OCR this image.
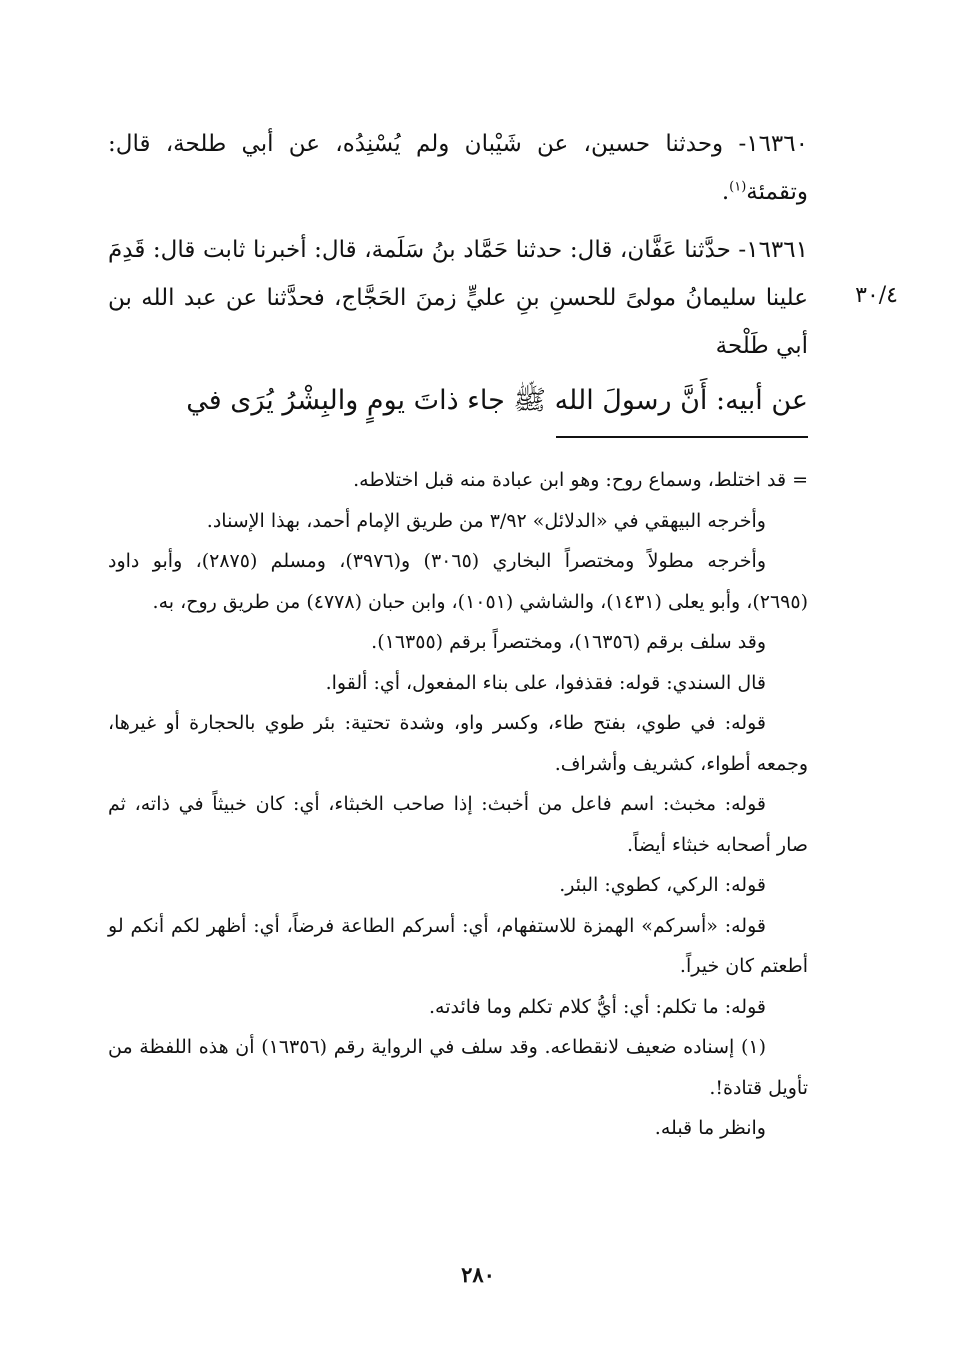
١٦٣٦٠- وحدثنا حسين، عن شَيْبان ولم يُسْنِدُه، عن أبي طلحة، قال: وتقمئة$^{(١)}$.

٣٠/٤

١٦٣٦١- حدَّثنا عَفَّان، قال: حدثنا حَمَّاد بنُ سَلَمة، قال: أخبرنا ثابت قال: قَدِمَ علينا سليمانُ مولىً للحسنِ بنِ عليٍّ زمنَ الحَجَّاج، فحدَّثنا عن عبد الله بن أبي طَلْحة

عن أبيه: أَنَّ رسولَ الله ﷺ جاء ذاتَ يومٍ والبِشْرُ يُرَى في

= قد اختلط، وسماع روح: وهو ابن عبادة منه قبل اختلاطه.

وأخرجه البيهقي في «الدلائل» ٣/٩٢ من طريق الإمام أحمد، بهذا الإسناد.

وأخرجه مطولاً ومختصراً البخاري (٣٠٦٥) و(٣٩٧٦)، ومسلم (٢٨٧٥)، وأبو داود (٢٦٩٥)، وأبو يعلى (١٤٣١)، والشاشي (١٠٥١)، وابن حبان (٤٧٧٨) من طريق روح، به.

وقد سلف برقم (١٦٣٥٦)، ومختصراً برقم (١٦٣٥٥).

قال السندي: قوله: فقذفوا، على بناء المفعول، أي: ألقوا.

قوله: في طوي، بفتح طاء، وكسر واو، وشدة تحتية: بئر طوي بالحجارة أو غيرها، وجمعه أطواء، كشريف وأشراف.

قوله: مخبث: اسم فاعل من أخبث: إذا صاحب الخبثاء، أي: كان خبيثاً في ذاته، ثم صار أصحابه خبثاء أيضاً.

قوله: الركي، كطوي: البئر.

قوله: «أسركم» الهمزة للاستفهام، أي: أسركم الطاعة فرضاً، أي: أظهر لكم أنكم لو أطعتم كان خيراً.

قوله: ما تكلم: أي: أيُّ كلام تكلم وما فائدته.

(١) إسناده ضعيف لانقطاعه. وقد سلف في الرواية رقم (١٦٣٥٦) أن هذه اللفظة من تأويل قتادة!.

وانظر ما قبله.

٢٨٠
